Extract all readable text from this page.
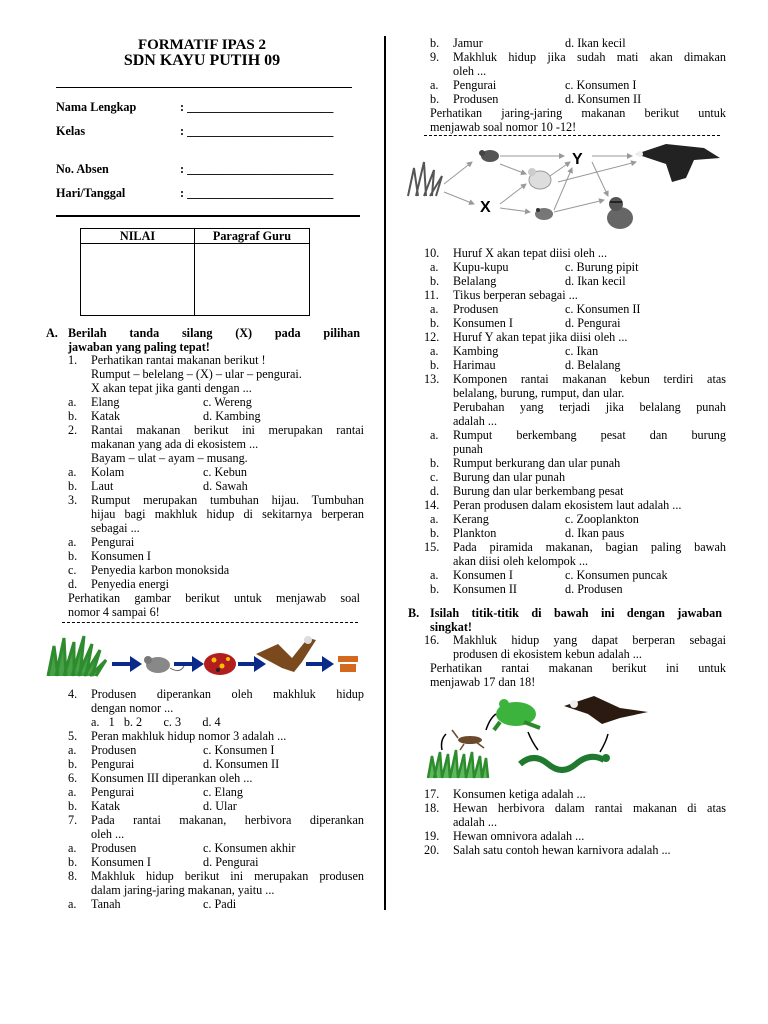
FORMATIF IPAS 2
SDN KAYU PUTIH 09
Nama Lengkap	: ________________________
Kelas	: ________________________
No. Absen	: ________________________
Hari/Tanggal	: ________________________
NILAI	Paragraf Guru
A. Berilah tanda silang (X) pada pilihan
jawaban yang paling tepat!
1. Perhatikan rantai makanan berikut !
Rumput – belelang – (X) – ular – pengurai.
X akan tepat jika ganti dengan ...
a. Elang	c. Wereng
b. Katak	d. Kambing
2. Rantai makanan berikut ini merupakan rantai
makanan yang ada di ekosistem ...
Bayam – ulat – ayam – musang.
a. Kolam	c. Kebun
b. Laut	d. Sawah
3. Rumput merupakan tumbuhan hijau. Tumbuhan
hijau bagi makhluk hidup di sekitarnya berperan
sebagai ...
a. Pengurai
b. Konsumen I
c. Penyedia karbon monoksida
d. Penyedia energi
Perhatikan gambar berikut untuk menjawab soal
nomor 4 sampai 6!
4. Produsen diperankan oleh makhluk hidup
dengan nomor ...
a.   1   b. 2       c. 3       d. 4
5. Peran makhluk hidup nomor 3 adalah ...
a. Produsen	c. Konsumen I
b. Pengurai	d. Konsumen II
6. Konsumen III diperankan oleh ...
a. Pengurai	c. Elang
b. Katak	d. Ular
7. Pada rantai makanan, herbivora diperankan
oleh ...
a. Produsen	c. Konsumen akhir
b. Konsumen I	d. Pengurai
8. Makhluk hidup berikut ini merupakan produsen
dalam jaring-jaring makanan, yaitu ...
a. Tanah	c. Padi
b. Jamur	d. Ikan kecil
9. Makhluk hidup jika sudah mati akan dimakan
oleh ...
a. Pengurai	c. Konsumen I
b. Produsen	d. Konsumen II
Perhatikan jaring-jaring makanan berikut untuk
menjawab soal nomor 10 -12!
X
Y
10. Huruf X akan tepat diisi oleh ...
a. Kupu-kupu	c. Burung pipit
b. Belalang	d. Ikan kecil
11. Tikus berperan sebagai ...
a. Produsen	c. Konsumen II
b. Konsumen I	d. Pengurai
12. Huruf Y akan tepat jika diisi oleh ...
a. Kambing	c. Ikan
b. Harimau	d. Belalang
13. Komponen rantai makanan kebun terdiri atas
belalang, burung, rumput, dan ular.
Perubahan yang terjadi jika belalang punah
adalah ...
a. Rumput berkembang pesat dan burung
punah
b. Rumput berkurang dan ular punah
c. Burung dan ular punah
d. Burung dan ular berkembang pesat
14. Peran produsen dalam ekosistem laut adalah ...
a. Kerang	c. Zooplankton
b. Plankton	d. Ikan paus
15. Pada piramida makanan, bagian paling bawah
akan diisi oleh kelompok ...
a. Konsumen I	c. Konsumen puncak
b. Konsumen II	d. Produsen
B. Isilah titik-titik di bawah ini dengan jawaban
singkat!
16. Makhluk hidup yang dapat berperan sebagai
produsen di ekosistem kebun adalah ...
Perhatikan rantai makanan berikut ini untuk
menjawab 17 dan 18!
17. Konsumen ketiga adalah ...
18. Hewan herbivora dalam rantai makanan di atas
adalah ...
19. Hewan omnivora adalah ...
20. Salah satu contoh hewan karnivora adalah ...
